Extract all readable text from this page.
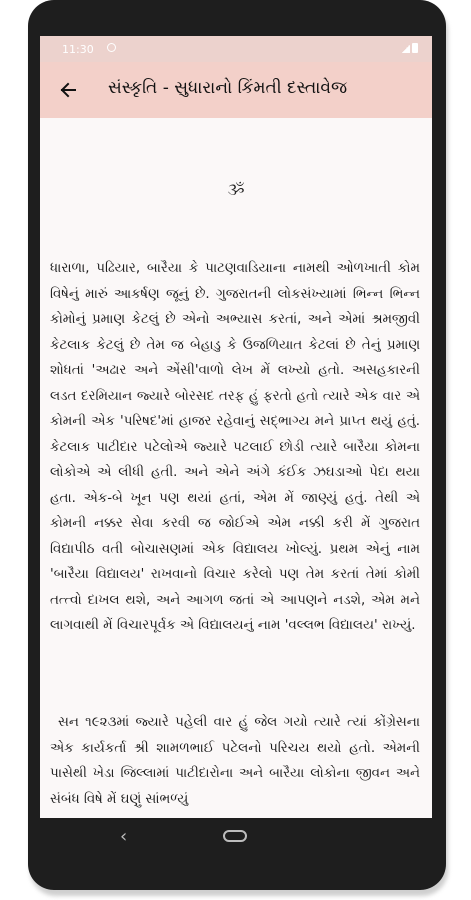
11:30
સંસ્કૃતિ - સુધારાનો કિંમતી દસ્તાવેજ
ૐ

ધારાળા, પઢિયાર, બારૈયા કે પાટણવાડિયાના નામથી ઓળખાતી કોમ વિષેનું મારું આકર્ષણ જૂનું છે. ગુજરાતની લોકસંખ્યામાં ભિન્ન ભિન્ન કોમોનું પ્રમાણ કેટલું છે એનો અભ્યાસ કરતાં, અને એમાં શ્રમજીવી કેટલાક કેટલું છે તેમ જ બેહાડુ કે ઉજળિયાત કેટલાં છે તેનું પ્રમાણ શોધતાં 'અઢાર અને એંસી'વાળો લેખ મેં લખ્યો હતો. અસહકારની લડત દરમિયાન જ્યારે બોરસદ તરફ હું ફરતો હતો ત્યારે એક વાર એ કોમની એક 'પરિષદ'માં હાજર રહેવાનું સદ્ભાગ્ય મને પ્રાપ્ત થયું હતું. કેટલાક પાટીદાર પટેલોએ જ્યારે પટલાઈ છોડી ત્યારે બારૈયા કોમના લોકોએ એ લીધી હતી. અને એને અંગે કંઈક ઝઘડાઓ પેદા થયા હતા. એક-બે ખૂન પણ થયાં હતાં, એમ મેં જાણ્યું હતું. તેથી એ કોમની નક્કર સેવા કરવી જ જોઈએ એમ નક્કી કરી મેં ગુજરાત વિદ્યાપીઠ વતી બોચાસણમાં એક વિદ્યાલય ખોલ્યું. પ્રથમ એનું નામ 'બારૈયા વિદ્યાલય' રાખવાનો વિચાર કરેલો પણ તેમ કરતાં તેમાં કોમી તત્ત્વો દાખલ થશે, અને આગળ જતાં એ આપણને નડશે, એમ મને લાગવાથી મેં વિચારપૂર્વક એ વિદ્યાલયનું નામ 'વલ્લભ વિદ્યાલય' રાખ્યું.

સન ૧૯૨૩માં જ્યારે પહેલી વાર હું જેલ ગયો ત્યારે ત્યાં કોંગ્રેસના એક કાર્યકર્તા શ્રી શામળભાઈ પટેલનો પરિચય થયો હતો. એમની પાસેથી ખેડા જિલ્લામાં પાટીદારોના અને બારૈયા લોકોના જીવન અને સંબંધ વિષે મેં ઘણું સાંભળ્યું

‹
